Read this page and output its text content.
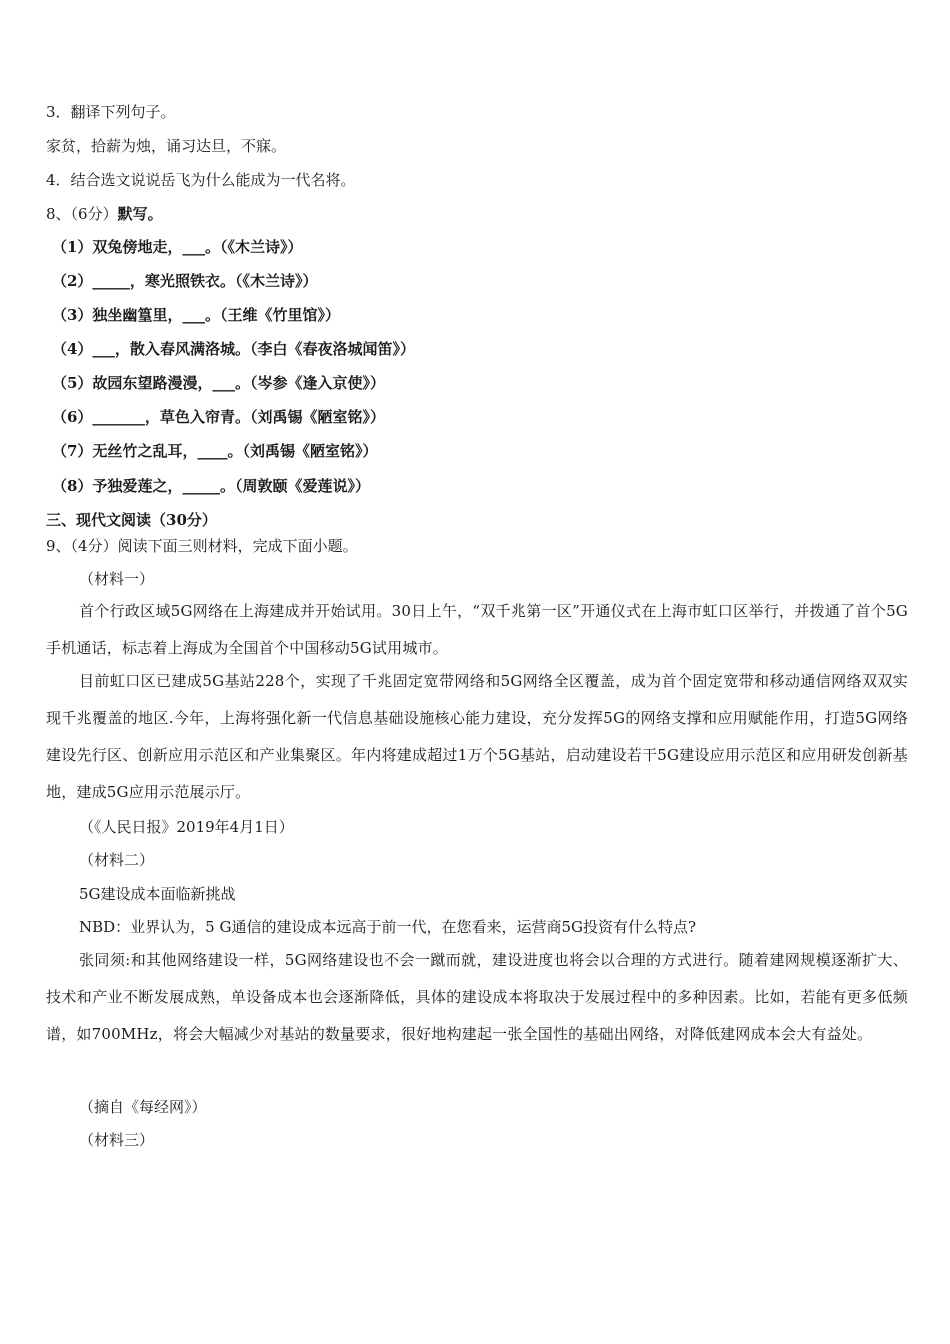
3．翻译下列句子。
家贫，拾薪为烛，诵习达旦，不寐。
4．结合选文说说岳飞为什么能成为一代名将。
8、（6分）默写。
（1）双兔傍地走，___。（《木兰诗》）
（2）_____，寒光照铁衣。（《木兰诗》）
（3）独坐幽篁里，___。（王维《竹里馆》）
（4）___，散入春风满洛城。（李白《春夜洛城闻笛》）
（5）故园东望路漫漫，___。（岑参《逢入京使》）
（6）_______，草色入帘青。（刘禹锡《陋室铭》）
（7）无丝竹之乱耳，____。（刘禹锡《陋室铭》）
（8）予独爱莲之，_____。（周敦颐《爱莲说》）
三、现代文阅读（30分）
9、（4分）阅读下面三则材料，完成下面小题。
（材料一）
首个行政区域5G网络在上海建成并开始试用。30日上午，“双千兆第一区”开通仪式在上海市虹口区举行，并拨通了首个5G手机通话，标志着上海成为全国首个中国移动5G试用城市。
目前虹口区已建成5G基站228个，实现了千兆固定宽带网络和5G网络全区覆盖，成为首个固定宽带和移动通信网络双双实现千兆覆盖的地区.今年，上海将强化新一代信息基础设施核心能力建设，充分发挥5G的网络支撑和应用赋能作用，打造5G网络建设先行区、创新应用示范区和产业集聚区。年内将建成超过1万个5G基站，启动建设若干5G建设应用示范区和应用研发创新基地，建成5G应用示范展示厅。
（《人民日报》2019年4月1日）
（材料二）
5G建设成本面临新挑战
NBD：业界认为，5 G通信的建设成本远高于前一代，在您看来，运营商5G投资有什么特点?
张同须:和其他网络建设一样，5G网络建设也不会一蹴而就，建设进度也将会以合理的方式进行。随着建网规模逐渐扩大、技术和产业不断发展成熟，单设备成本也会逐渐降低，具体的建设成本将取决于发展过程中的多种因素。比如，若能有更多低频谱，如700MHz，将会大幅减少对基站的数量要求，很好地构建起一张全国性的基础出网络，对降低建网成本会大有益处。
（摘自《每经网》）
（材料三）
